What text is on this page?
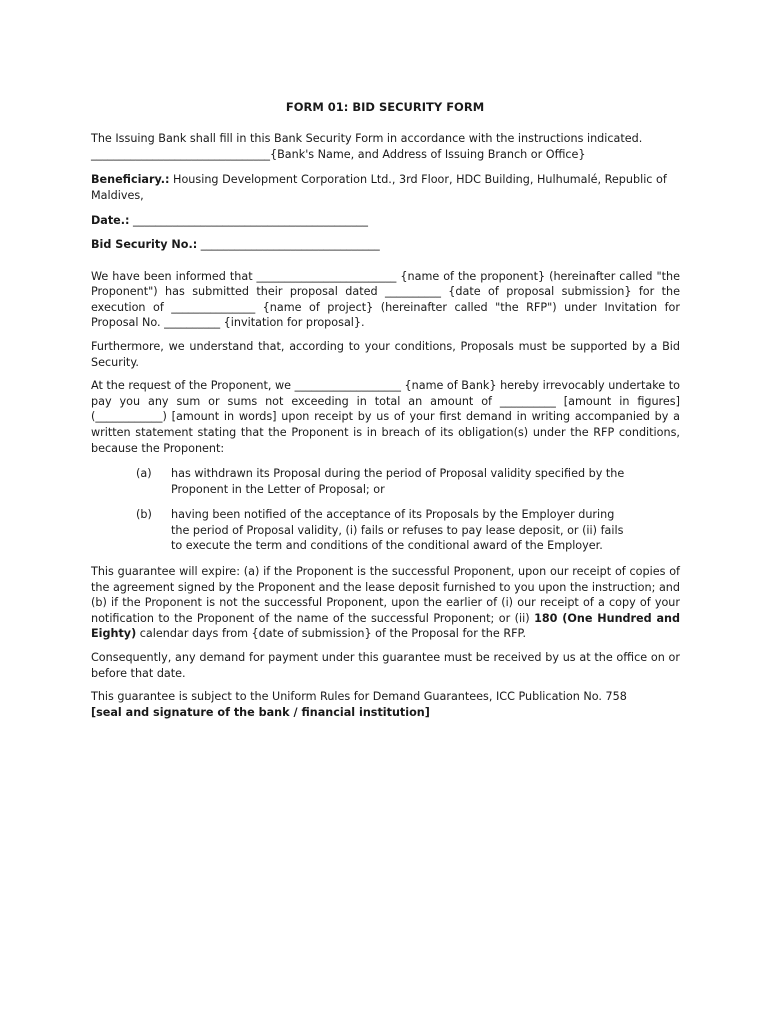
FORM 01: BID SECURITY FORM

The Issuing Bank shall fill in this Bank Security Form in accordance with the instructions indicated.
________________________________{Bank's Name, and Address of Issuing Branch or Office}

Beneficiary.: Housing Development Corporation Ltd., 3rd Floor, HDC Building, Hulhumalé, Republic of Maldives,

Date.: __________________________________________

Bid Security No.: ________________________________

We have been informed that _________________________ {name of the proponent} (hereinafter called "the Proponent") has submitted their proposal dated __________ {date of proposal submission} for the execution of _______________ {name of project} (hereinafter called "the RFP") under Invitation for Proposal No. __________ {invitation for proposal}.

Furthermore, we understand that, according to your conditions, Proposals must be supported by a Bid Security.

At the request of the Proponent, we ___________________ {name of Bank} hereby irrevocably undertake to pay you any sum or sums not exceeding in total an amount of __________ [amount in figures] (____________) [amount in words] upon receipt by us of your first demand in writing accompanied by a written statement stating that the Proponent is in breach of its obligation(s) under the RFP conditions, because the Proponent:

(a) has withdrawn its Proposal during the period of Proposal validity specified by the Proponent in the Letter of Proposal; or
(b) having been notified of the acceptance of its Proposals by the Employer during the period of Proposal validity, (i) fails or refuses to pay lease deposit, or (ii) fails to execute the term and conditions of the conditional award of the Employer.

This guarantee will expire: (a) if the Proponent is the successful Proponent, upon our receipt of copies of the agreement signed by the Proponent and the lease deposit furnished to you upon the instruction; and (b) if the Proponent is not the successful Proponent, upon the earlier of (i) our receipt of a copy of your notification to the Proponent of the name of the successful Proponent; or (ii) 180 (One Hundred and Eighty) calendar days from {date of submission} of the Proposal for the RFP.

Consequently, any demand for payment under this guarantee must be received by us at the office on or before that date.

This guarantee is subject to the Uniform Rules for Demand Guarantees, ICC Publication No. 758
[seal and signature of the bank / financial institution]
